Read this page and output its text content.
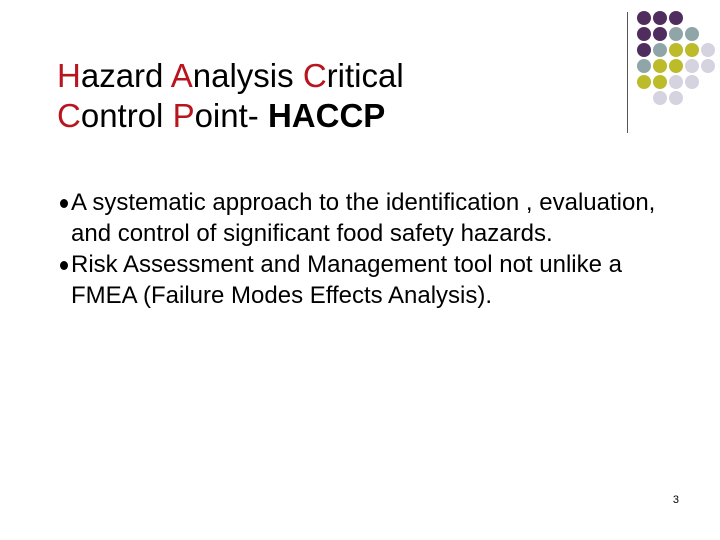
Hazard Analysis Critical
Control Point- HACCP
A systematic approach to the identification , evaluation, and control of significant food safety hazards.
Risk Assessment and Management tool not unlike a FMEA (Failure Modes Effects Analysis).
3
